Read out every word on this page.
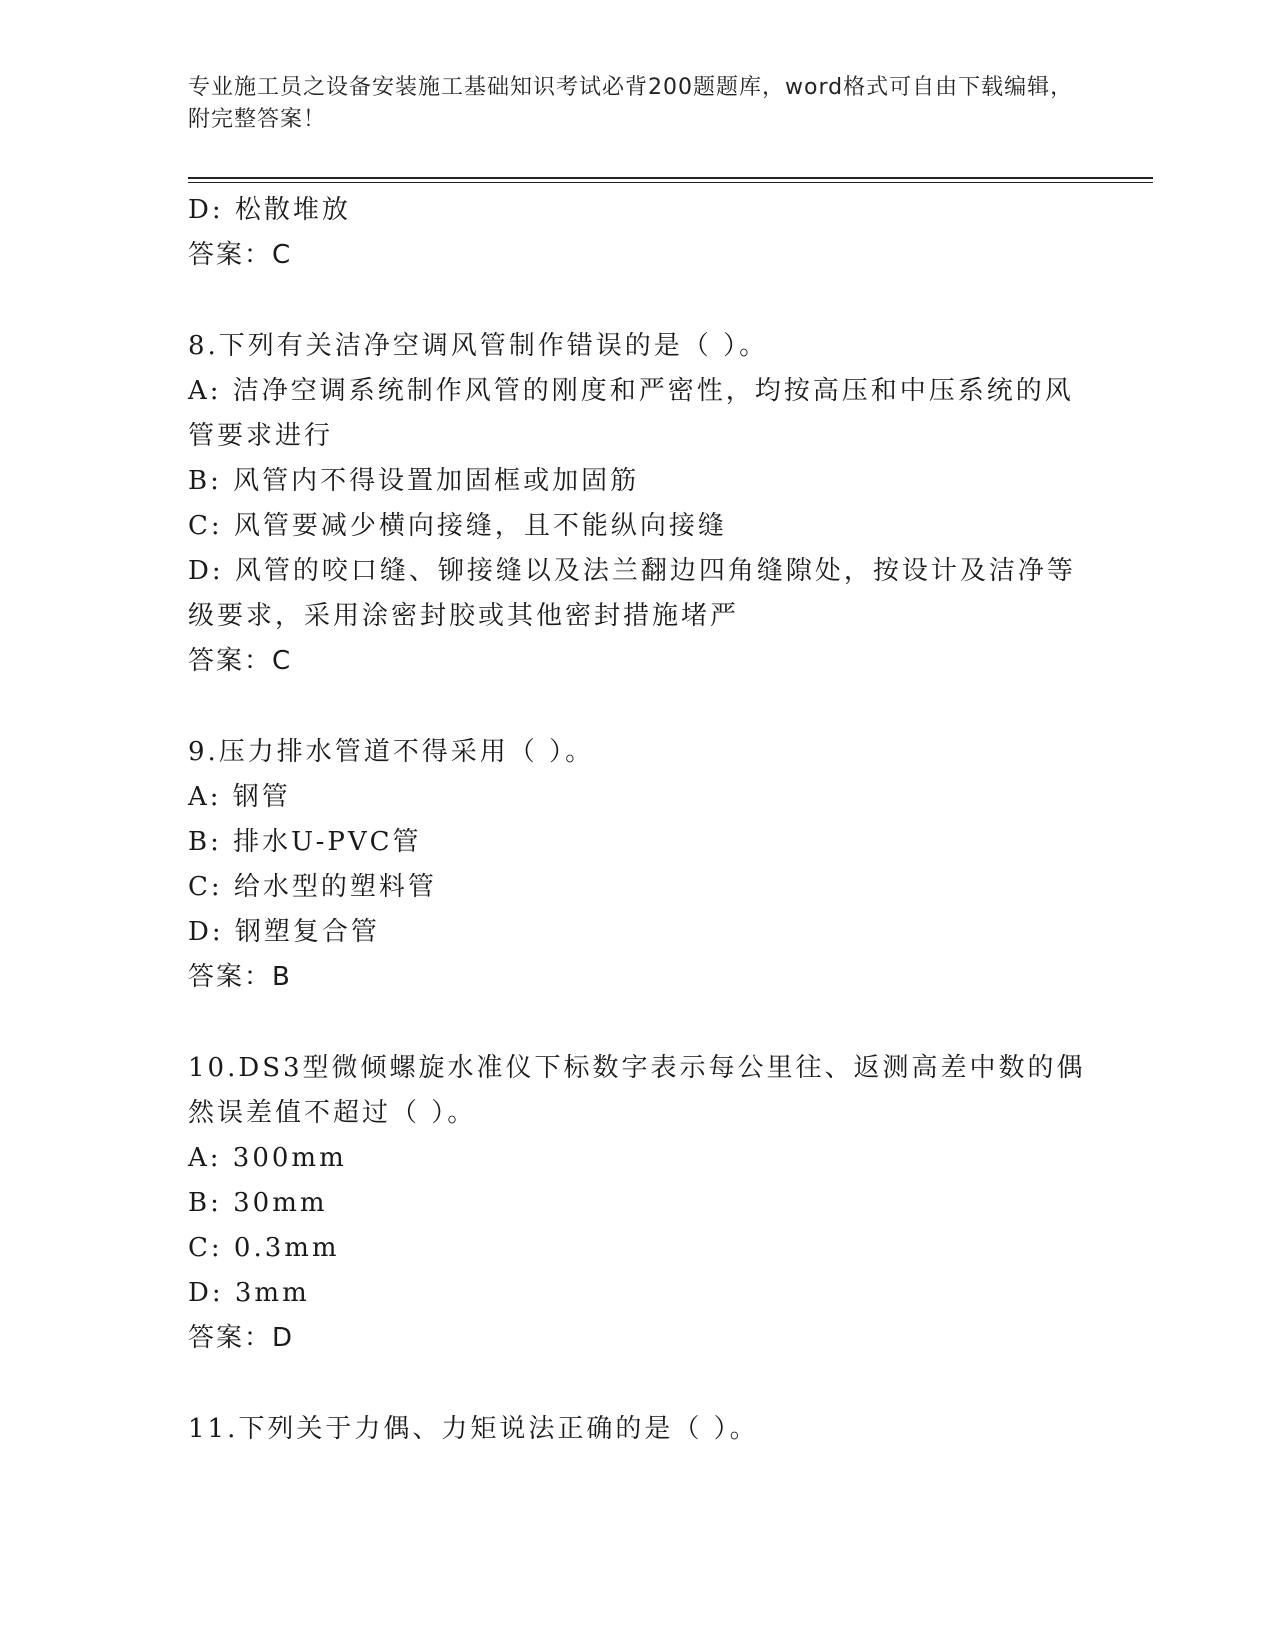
专业施工员之设备安装施工基础知识考试必背200题题库，word格式可自由下载编辑，附完整答案！
D: 松散堆放
答案：C
8.下列有关洁净空调风管制作错误的是（ ）。
A: 洁净空调系统制作风管的刚度和严密性，均按高压和中压系统的风管要求进行
B: 风管内不得设置加固框或加固筋
C: 风管要减少横向接缝，且不能纵向接缝
D: 风管的咬口缝、铆接缝以及法兰翻边四角缝隙处，按设计及洁净等级要求，采用涂密封胶或其他密封措施堵严
答案：C
9.压力排水管道不得采用（ ）。
A: 钢管
B: 排水U-PVC管
C: 给水型的塑料管
D: 钢塑复合管
答案：B
10.DS3型微倾螺旋水准仪下标数字表示每公里往、返测高差中数的偶然误差值不超过（ ）。
A: 300mm
B: 30mm
C: 0.3mm
D: 3mm
答案：D
11.下列关于力偶、力矩说法正确的是（ ）。
